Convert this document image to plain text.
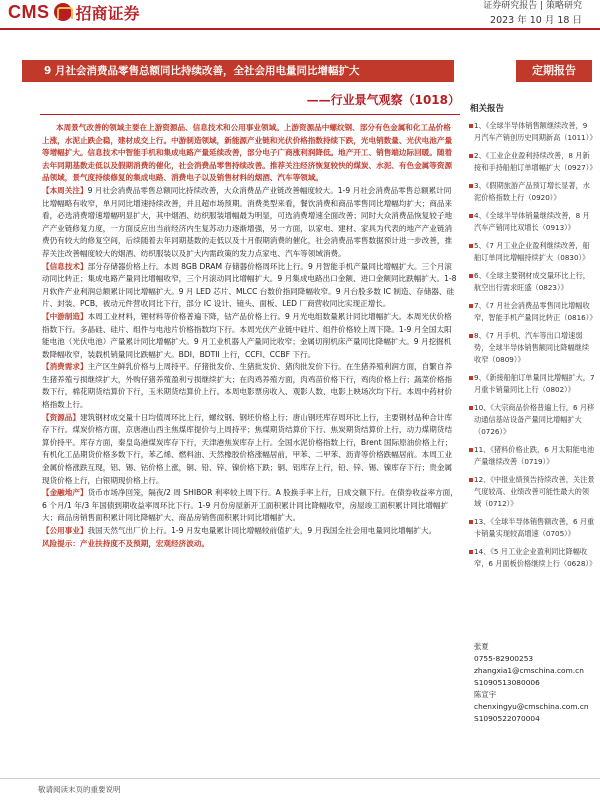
CMS 招商证券	证券研究报告 | 策略研究
2023 年 10 月 18 日
9 月社会消费品零售总额同比持续改善，全社会用电量同比增幅扩大	定期报告
——行业景气观察（1018）

本周景气改善的领域主要在上游资源品、信息技术和公用事业领域。上游资源品中螺纹钢、部分有色金属和化工品价格上涨，水泥止跌企稳，建材成交上行。中游制造领域，新能源产业链和光伏价格指数持续下跌，光电销数量、光伏电池产量等增幅扩大。信息技术中智能手机和集成电路产量延续改善，部分电子广商涨利润降低。地产开工、销售端边际回暖。随着去年同期基数走低以及假期消费的催化，社会消费品零售持续改善。推荐关注经济恢复较快的煤炭、水泥、有色金属等资源品领域，景气度持续修复的集成电路、消费电子以及销售材料的烟酒、汽车等领域。

【本周关注】9 月社会消费品零售总额同比持续改善，大众消费品产业链改善幅度较大。1-9 月社会消费品零售总额累计同比增幅略有收窄，单月同比增速持续改善，并且超市场预期。消费类型来看，餐饮消费和商品零售同比增幅均扩大；商品来看，必选消费增速增幅明显扩大，其中烟酒、纺织服装增幅最为明显，可选消费增速全面改善；同时大众消费品恢复较子地产产业链修复力度，一方面反应出当前经济内生复苏动力逐渐增强，另一方面，以家电、建材、家具为代表的地产产业链消费仍有较大的修复空间，后续随着去年同期基数的走低以及十月假期消费的催化，社会消费品零售数据预计进一步改善，推荐关注改善幅度较大的烟酒、纺织服装以及扩大内需政策的发力点家电、汽车等领域消费。

【信息技术】部分存储器价格上行。本周 8GB DRAM 存储器价格周环比上行。9 月智能手机产量同比增幅扩大。三个月滚动同比转正；集成电路产量同比增幅收窄，三个月滚动同比增幅扩大。9 月集成电路出口金额、进口金额同比跌幅扩大。1-8 月软件产业利润总额累计同比增幅扩大。9 月 LED 芯片、MLCC 台数价指同降幅收窄。9 月台股多数 IC 制造、存储器、硅片、封装、PCB、被动元件营收同比下行，部分 IC 设计、镜头、面板、LED 厂商营收同比实现正增长。

【中游制造】本周工业材料，锂材料等价格普遍下降，钴产品价格上行。9 月光电组数量累计同比增幅扩大。本周光伏价格指数下行。多晶硅、硅片、组件与电池片价格指数均下行。本周光伏产业链中硅片、组件价格较上周下降。1-9 月全国太阳能电池（光伏电池）产量累计同比增幅扩大。9 月工业机器人产量同比收窄；金属切削机床产量同比降幅扩大。9 月挖掘机数降幅收窄，装载机销量同比跌幅扩大。BDI、BDTII 上行，CCFI、CCBF 下行。

【消费需求】主产区生鲜乳价格与上周持平。仔猪批发价、生猪批发价、猪肉批发价下行。在生猪养殖利润方面，自繁自养生猪养殖亏损继续扩大，外购仔猪养殖盈利亏损继续扩大；在肉鸡养殖方面，肉鸡苗价格下行，鸡肉价格上行；蔬菜价格指数下行，棉花期货结算价下行，玉米期货结算价上行。本周电影票房收入、观影人数、电影上映场次均下行。本周中药材价格指数上行。

【资源品】建筑钢材成交量十日均值周环比上行，螺纹钢、钢坯价格上行；唐山钢坯库存周环比上行，主要钢材品种合计库存下行。煤炭价格方面，京唐港山西主焦煤库提价与上周持平；焦煤期货结算价下行、焦炭期货结算价上行，动力煤期货结算价持平。库存方面，秦皇岛港煤炭库存下行，天津港焦炭库存上行。全国水泥价格指数上行，Brent 国际原油价格上行；有机化工品期货价格多数下行，苯乙烯、燃料油、天然橡胶价格涨幅居前，甲苯、二甲苯、沥青等价格跌幅居前。本周工业金属价格涨跌互现，铝、锡、钴价格上涨，铜、铅、锌、镍价格下跌；铜、铝库存上行，铅、锌、锡、镍库存下行；贵金属现货价格上行，白银期现价格上行。

【金融地产】货币市场净回笼，隔夜/2 周 SHIBOR 利率较上周下行。A 股换手率上行，日成交额下行。在债券收益率方面，6 个月/1 年/3 年国债到期收益率周环比下行。1-9 月份房屋新开工面积累计同比降幅收窄，房屋竣工面积累计同比增幅扩大；商品房销售面积累计同比降幅扩大、商品房销售面积累计同比增幅扩大。

【公用事业】我国天然气出厂价上行。1-9 月发电量累计同比增幅较前值扩大，9 月我国全社会用电量同比增幅扩大。

风险提示：产业扶持度不及预期，宏观经济波动。

相关报告
1、《全球半导体销售额继续改善，9 月汽车产销创历史同期新高（1011）》
2、《工业企业盈利持续改善，8 月新接和手持船舶订单增幅扩大（0927）》
3、《假期旅游产品预订增长显著，水泥价格指数上行（0920）》
4、《全球半导体销量继续改善，8 月汽车产销同比双增长（0913）》
5、《7 月工业企业盈利继续改善，船舶订单同比增幅持续扩大（0830）》
6、《全球主要钢材成交量环比上行，航空出行需求旺盛（0823）》
7、《7 月社会消费品零售同比增幅收窄，智能手机产量同比转正（0816）》
8、《7 月手机、汽车等出口增速弱势，全球半导体销售额同比降幅继续收窄（0809）》
9、《新接船舶订单量同比增幅扩大，7 月重卡销量同比上行（0802）》
10、《大宗商品价格普遍上行，6 月移动通信基站设备产量同比增幅扩大（0726）》
11、《猪料价格止跌，6 月太阳能电池产量继续改善（0719）》
12、《中报业绩预告持续改善，关注景气度较高、业绩改善可能性最大的领域（0712）》
13、《全球半导体销售额改善，6 月重卡销量实现较高增速（0705）》
14、《5 月工业企业盈利同比降幅收窄，6 月面板价格继续上行（0628）》
张夏
0755-82900253
zhangxia1@cmschina.com.cn
S1090513080006
陈宣宇
chenxingyu@cmschina.com.cn
S1090522070004
敬请阅读末页的重要说明
